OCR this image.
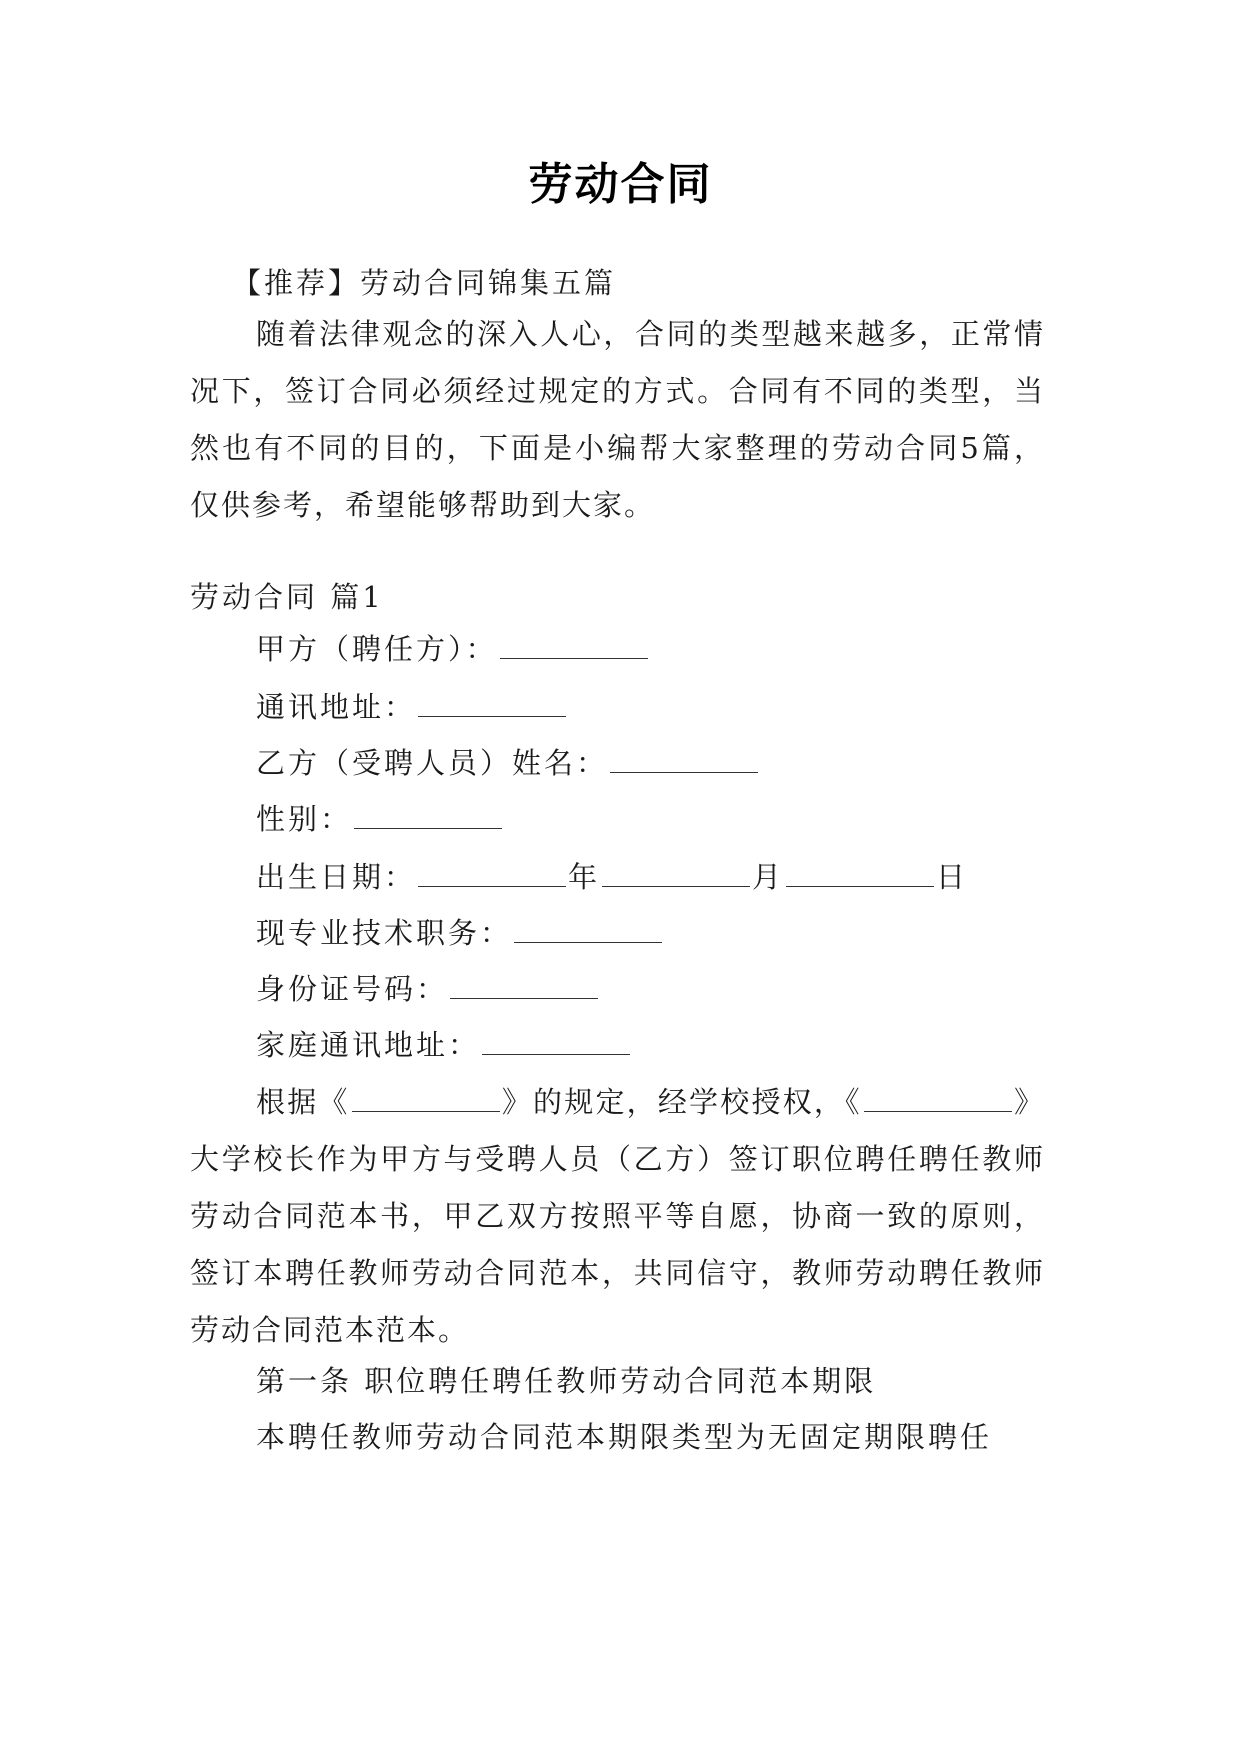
劳动合同
【推荐】劳动合同锦集五篇
随着法律观念的深入人心，合同的类型越来越多，正常情况下，签订合同必须经过规定的方式。合同有不同的类型，当然也有不同的目的，下面是小编帮大家整理的劳动合同5篇，仅供参考，希望能够帮助到大家。
劳动合同 篇1
甲方（聘任方）：
通讯地址：
乙方（受聘人员）姓名：
性别：
出生日期：	年	月	日
现专业技术职务：
身份证号码：
家庭通讯地址：
根据《	》的规定，经学校授权，《	》大学校长作为甲方与受聘人员（乙方）签订职位聘任聘任教师劳动合同范本书，甲乙双方按照平等自愿，协商一致的原则，签订本聘任教师劳动合同范本，共同信守，教师劳动聘任教师劳动合同范本范本。
第一条 职位聘任聘任教师劳动合同范本期限
本聘任教师劳动合同范本期限类型为无固定期限聘任
